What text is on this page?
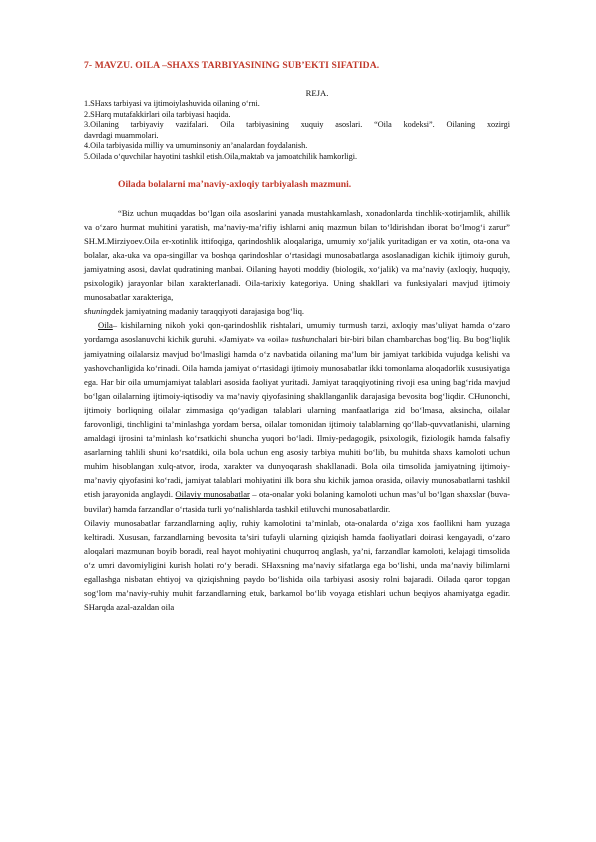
7- MAVZU. OILA –SHAXS TARBIYASINING SUB’EKTI SIFATIDA.
REJA.
1.SHaxs tarbiyasi va ijtimoiylashuvida oilaning o‘rni.
2.SHarq mutafakkirlari oila tarbiyasi haqida.
3.Oilaning tarbiyaviy vazifalari. Oila tarbiyasining xuquiy asoslari. “Oila kodeksi”. Oilaning xozirgi
davrdagi muammolari.
4.Oila tarbiyasida milliy va umuminsoniy an’analardan foydalanish.
5.Oilada o‘quvchilar hayotini tashkil etish.Oila,maktab va jamoatchilik hamkorligi.
Oilada bolalarni ma’naviy-axloqiy tarbiyalash mazmuni.

“Biz uchun muqaddas bo‘lgan oila asoslarini yanada mustahkamlash, xonadonlarda tinchlik-xotirjamlik, ahillik va o‘zaro hurmat muhitini yaratish, ma’naviy-ma’rifiy ishlarni aniq mazmun bilan to‘ldirishdan iborat bo‘lmog‘i zarur” SH.M.Mirziyoev.Oila er-xotinlik ittifoqiga, qarindoshlik aloqalariga, umumiy xo‘jalik yuritadigan er va xotin, ota-ona va bolalar, aka-uka va opa-singillar va boshqa qarindoshlar o‘rtasidagi munosabatlarga asoslanadigan kichik ijtimoiy guruh, jamiyatning asosi, davlat qudratining manbai. Oilaning hayoti moddiy (biologik, xo‘jalik) va ma’naviy (axloqiy, huquqiy, psixologik) jarayonlar bilan xarakterlanadi. Oila-tarixiy kategoriya. Uning shakllari va funksiyalari mavjud ijtimoiy munosabatlar xarakteriga,
shuningdek jamiyatning madaniy taraqqiyoti darajasiga bog‘liq.

Oila– kishilarning nikoh yoki qon-qarindoshlik rishtalari, umumiy turmush tarzi, axloqiy mas’uliyat hamda o‘zaro yordamga asoslanuvchi kichik guruhi. «Jamiyat» va «oila» tushunchalari bir-biri bilan chambarchas bog‘liq. Bu bog‘liqlik jamiyatning oilalarsiz mavjud bo‘lmasligi hamda o‘z navbatida oilaning ma’lum bir jamiyat tarkibida vujudga kelishi va yashovchanligida ko‘rinadi. Oila hamda jamiyat o‘rtasidagi ijtimoiy munosabatlar ikki tomonlama aloqadorlik xususiyatiga ega. Har bir oila umumjamiyat talablari asosida faoliyat yuritadi. Jamiyat taraqqiyotining rivoji esa uning bag‘rida mavjud bo‘lgan oilalarning ijtimoiy-iqtisodiy va ma’naviy qiyofasining shakllanganlik darajasiga bevosita bog‘liqdir. CHunonchi, ijtimoiy borliqning oilalar zimmasiga qo‘yadigan talablari ularning manfaatlariga zid bo‘lmasa, aksincha, oilalar farovonligi, tinchligini ta’minlashga yordam bersa, oilalar tomonidan ijtimoiy talablarning qo‘llab-quvvatlanishi, ularning amaldagi ijrosini ta’minlash ko‘rsatkichi shuncha yuqori bo‘ladi. Ilmiy-pedagogik, psixologik, fiziologik hamda falsafiy asarlarning tahlili shuni ko‘rsatdiki, oila bola uchun eng asosiy tarbiya muhiti bo‘lib, bu muhitda shaxs kamoloti uchun muhim hisoblangan xulq-atvor, iroda, xarakter va dunyoqarash shakllanadi. Bola oila timsolida jamiyatning ijtimoiy-ma’naviy qiyofasini ko‘radi, jamiyat talablari mohiyatini ilk bora shu kichik jamoa orasida, oilaviy munosabatlarni tashkil etish jarayonida anglaydi. Oilaviy munosabatlar – ota-onalar yoki bolaning kamoloti uchun mas’ul bo‘lgan shaxslar (buva-buvilar) hamda farzandlar o‘rtasida turli yo‘nalishlarda tashkil etiluvchi munosabatlardir.

Oilaviy munosabatlar farzandlarning aqliy, ruhiy kamolotini ta’minlab, ota-onalarda o‘ziga xos faollikni ham yuzaga keltiradi. Xususan, farzandlarning bevosita ta’siri tufayli ularning qiziqish hamda faoliyatlari doirasi kengayadi, o‘zaro aloqalari mazmunan boyib boradi, real hayot mohiyatini chuqurroq anglash, ya’ni, farzandlar kamoloti, kelajagi timsolida o‘z umri davomiyligini kurish holati ro‘y beradi. SHaxsning ma’naviy sifatlarga ega bo‘lishi, unda ma’naviy bilimlarni egallashga nisbatan ehtiyoj va qiziqishning paydo bo‘lishida oila tarbiyasi asosiy rolni bajaradi. Oilada qaror topgan sog‘lom ma’naviy-ruhiy muhit farzandlarning etuk, barkamol bo‘lib voyaga etishlari uchun beqiyos ahamiyatga egadir. SHarqda azal-azaldan oila
